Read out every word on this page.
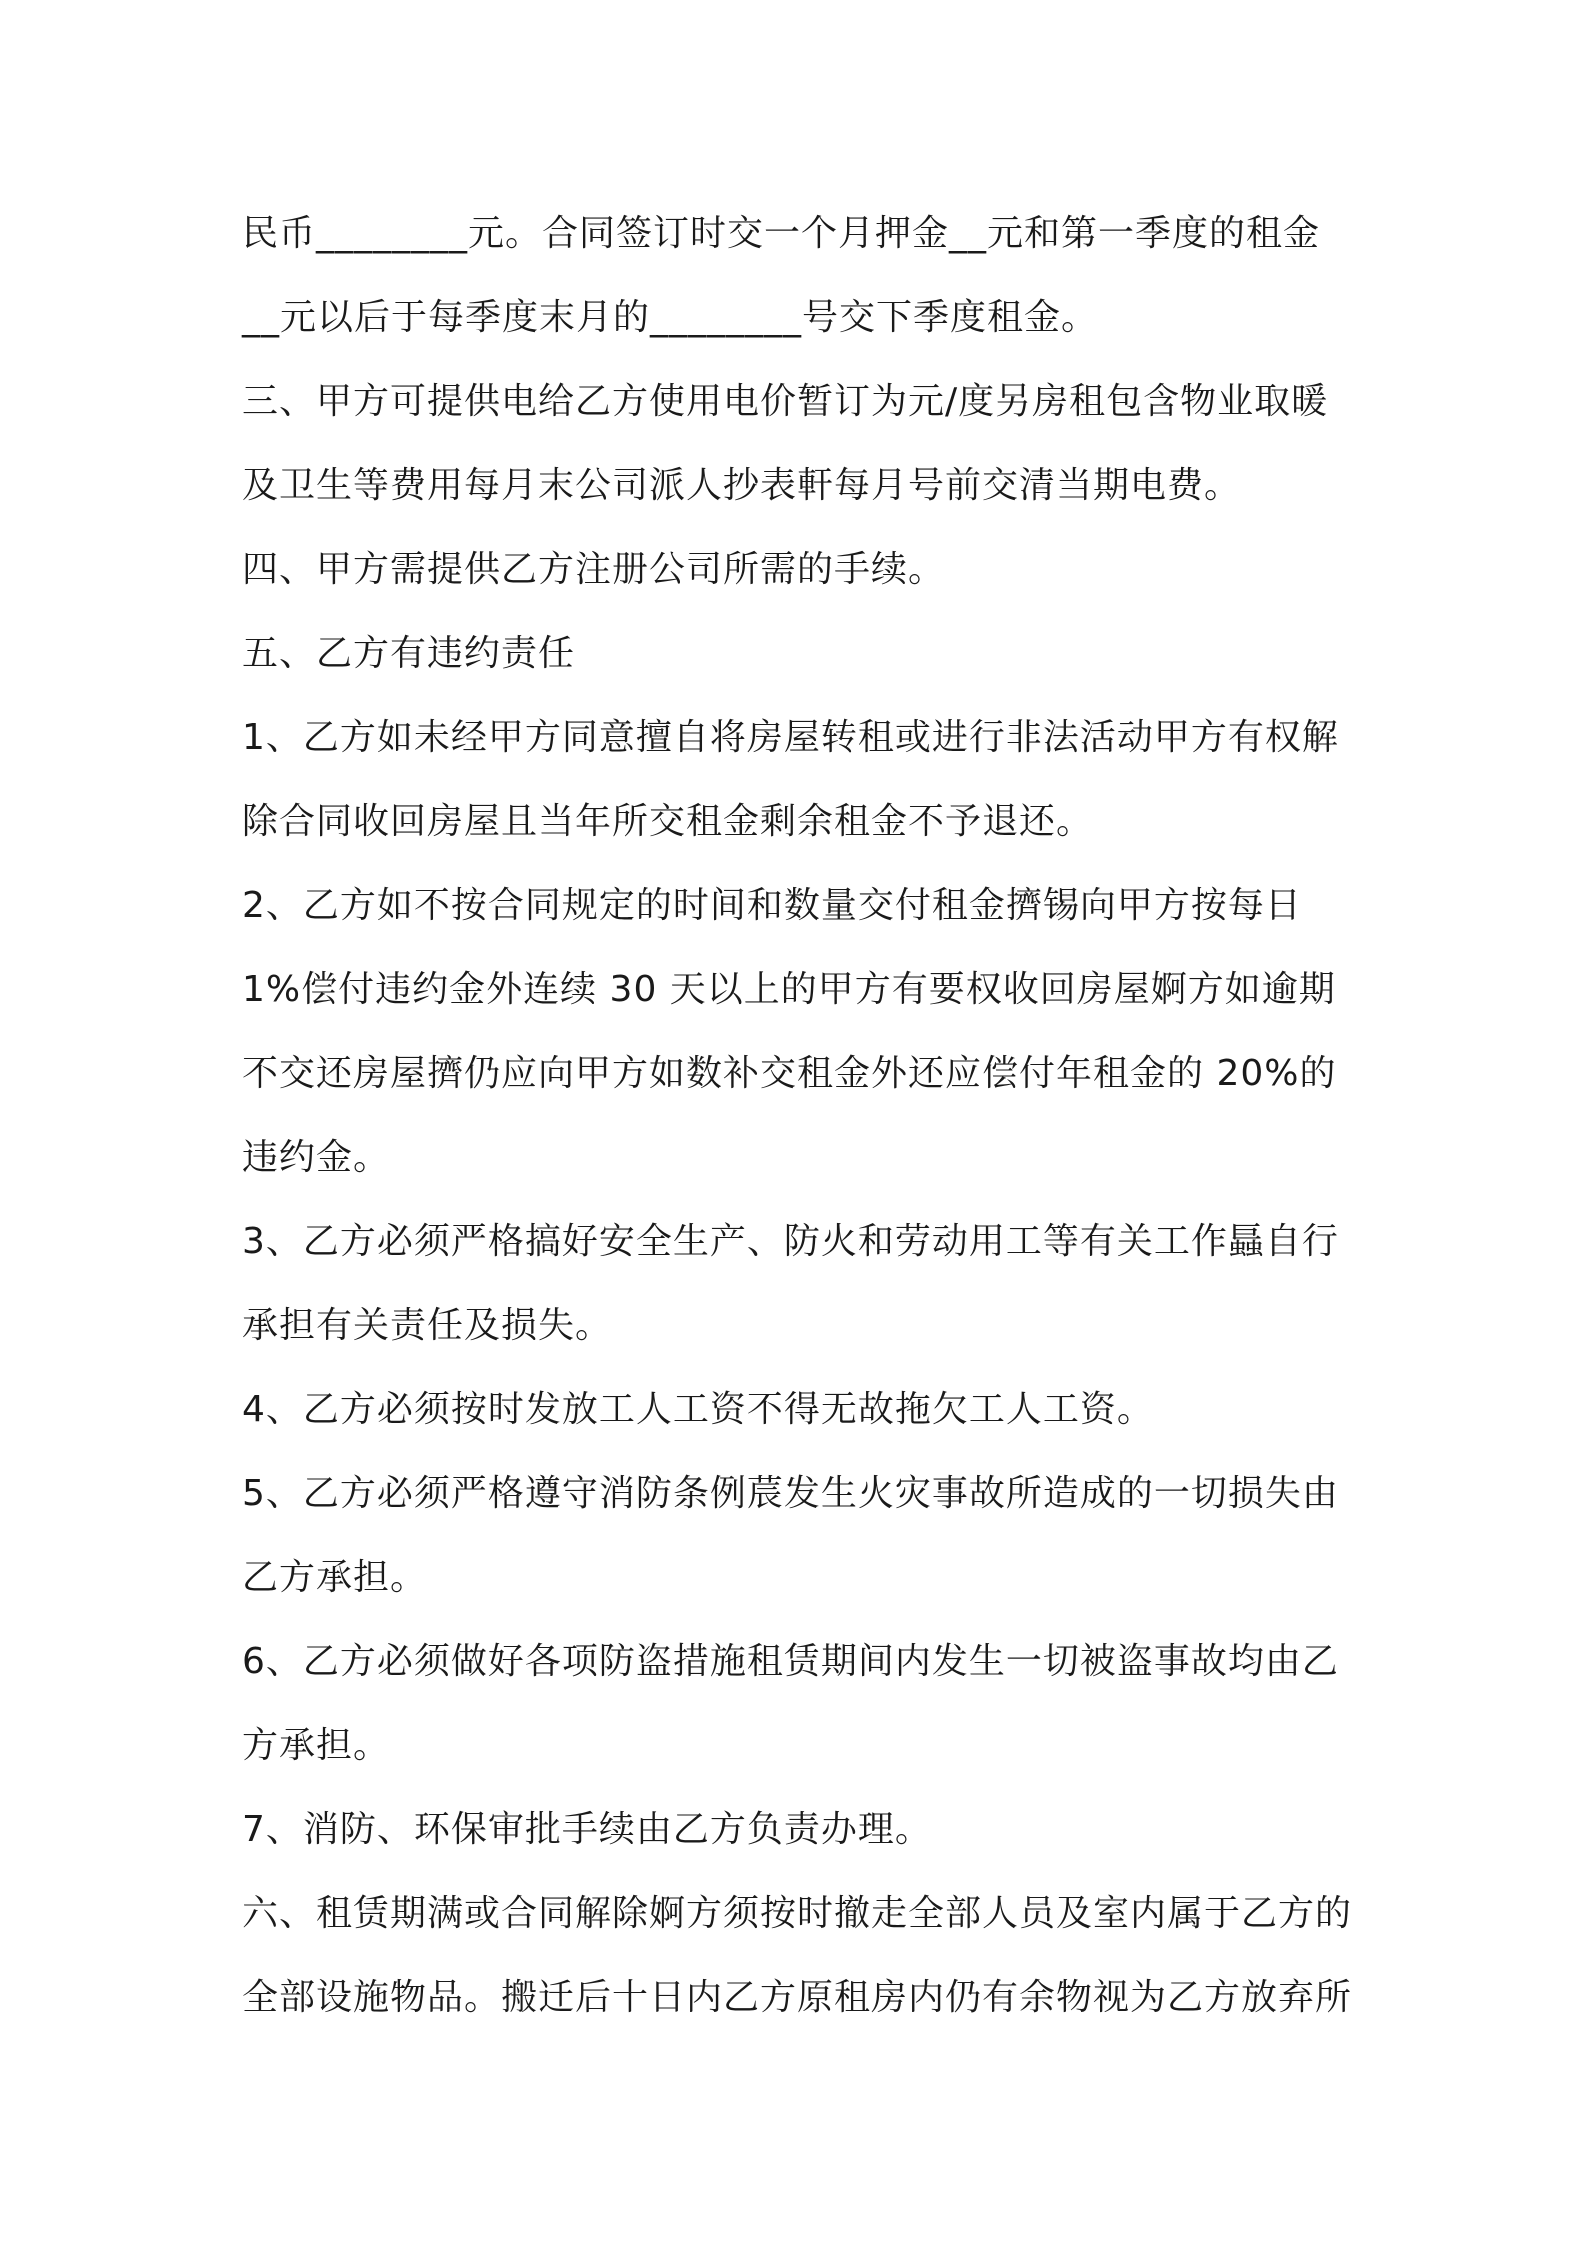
民币________元。合同签订时交一个月押金__元和第一季度的租金
__元以后于每季度末月的________号交下季度租金。
三、甲方可提供电给乙方使用电价暂订为元/度另房租包含物业取暖
及卫生等费用每月末公司派人抄表軒每月号前交清当期电费。
四、甲方需提供乙方注册公司所需的手续。
五、乙方有违约责任
1、乙方如未经甲方同意擅自将房屋转租或进行非法活动甲方有权解
除合同收回房屋且当年所交租金剩余租金不予退还。
2、乙方如不按合同规定的时间和数量交付租金擠锡向甲方按每日
1%偿付违约金外连续 30 天以上的甲方有要权收回房屋婀方如逾期
不交还房屋擠仍应向甲方如数补交租金外还应偿付年租金的 20%的
违约金。
3、乙方必须严格搞好安全生产、防火和劳动用工等有关工作螶自行
承担有关责任及损失。
4、乙方必须按时发放工人工资不得无故拖欠工人工资。
5、乙方必须严格遵守消防条例莀发生火灾事故所造成的一切损失由
乙方承担。
6、乙方必须做好各项防盗措施租赁期间内发生一切被盗事故均由乙
方承担。
7、消防、环保审批手续由乙方负责办理。
六、租赁期满或合同解除婀方须按时撤走全部人员及室内属于乙方的
全部设施物品。搬迁后十日内乙方原租房内仍有余物视为乙方放弃所
